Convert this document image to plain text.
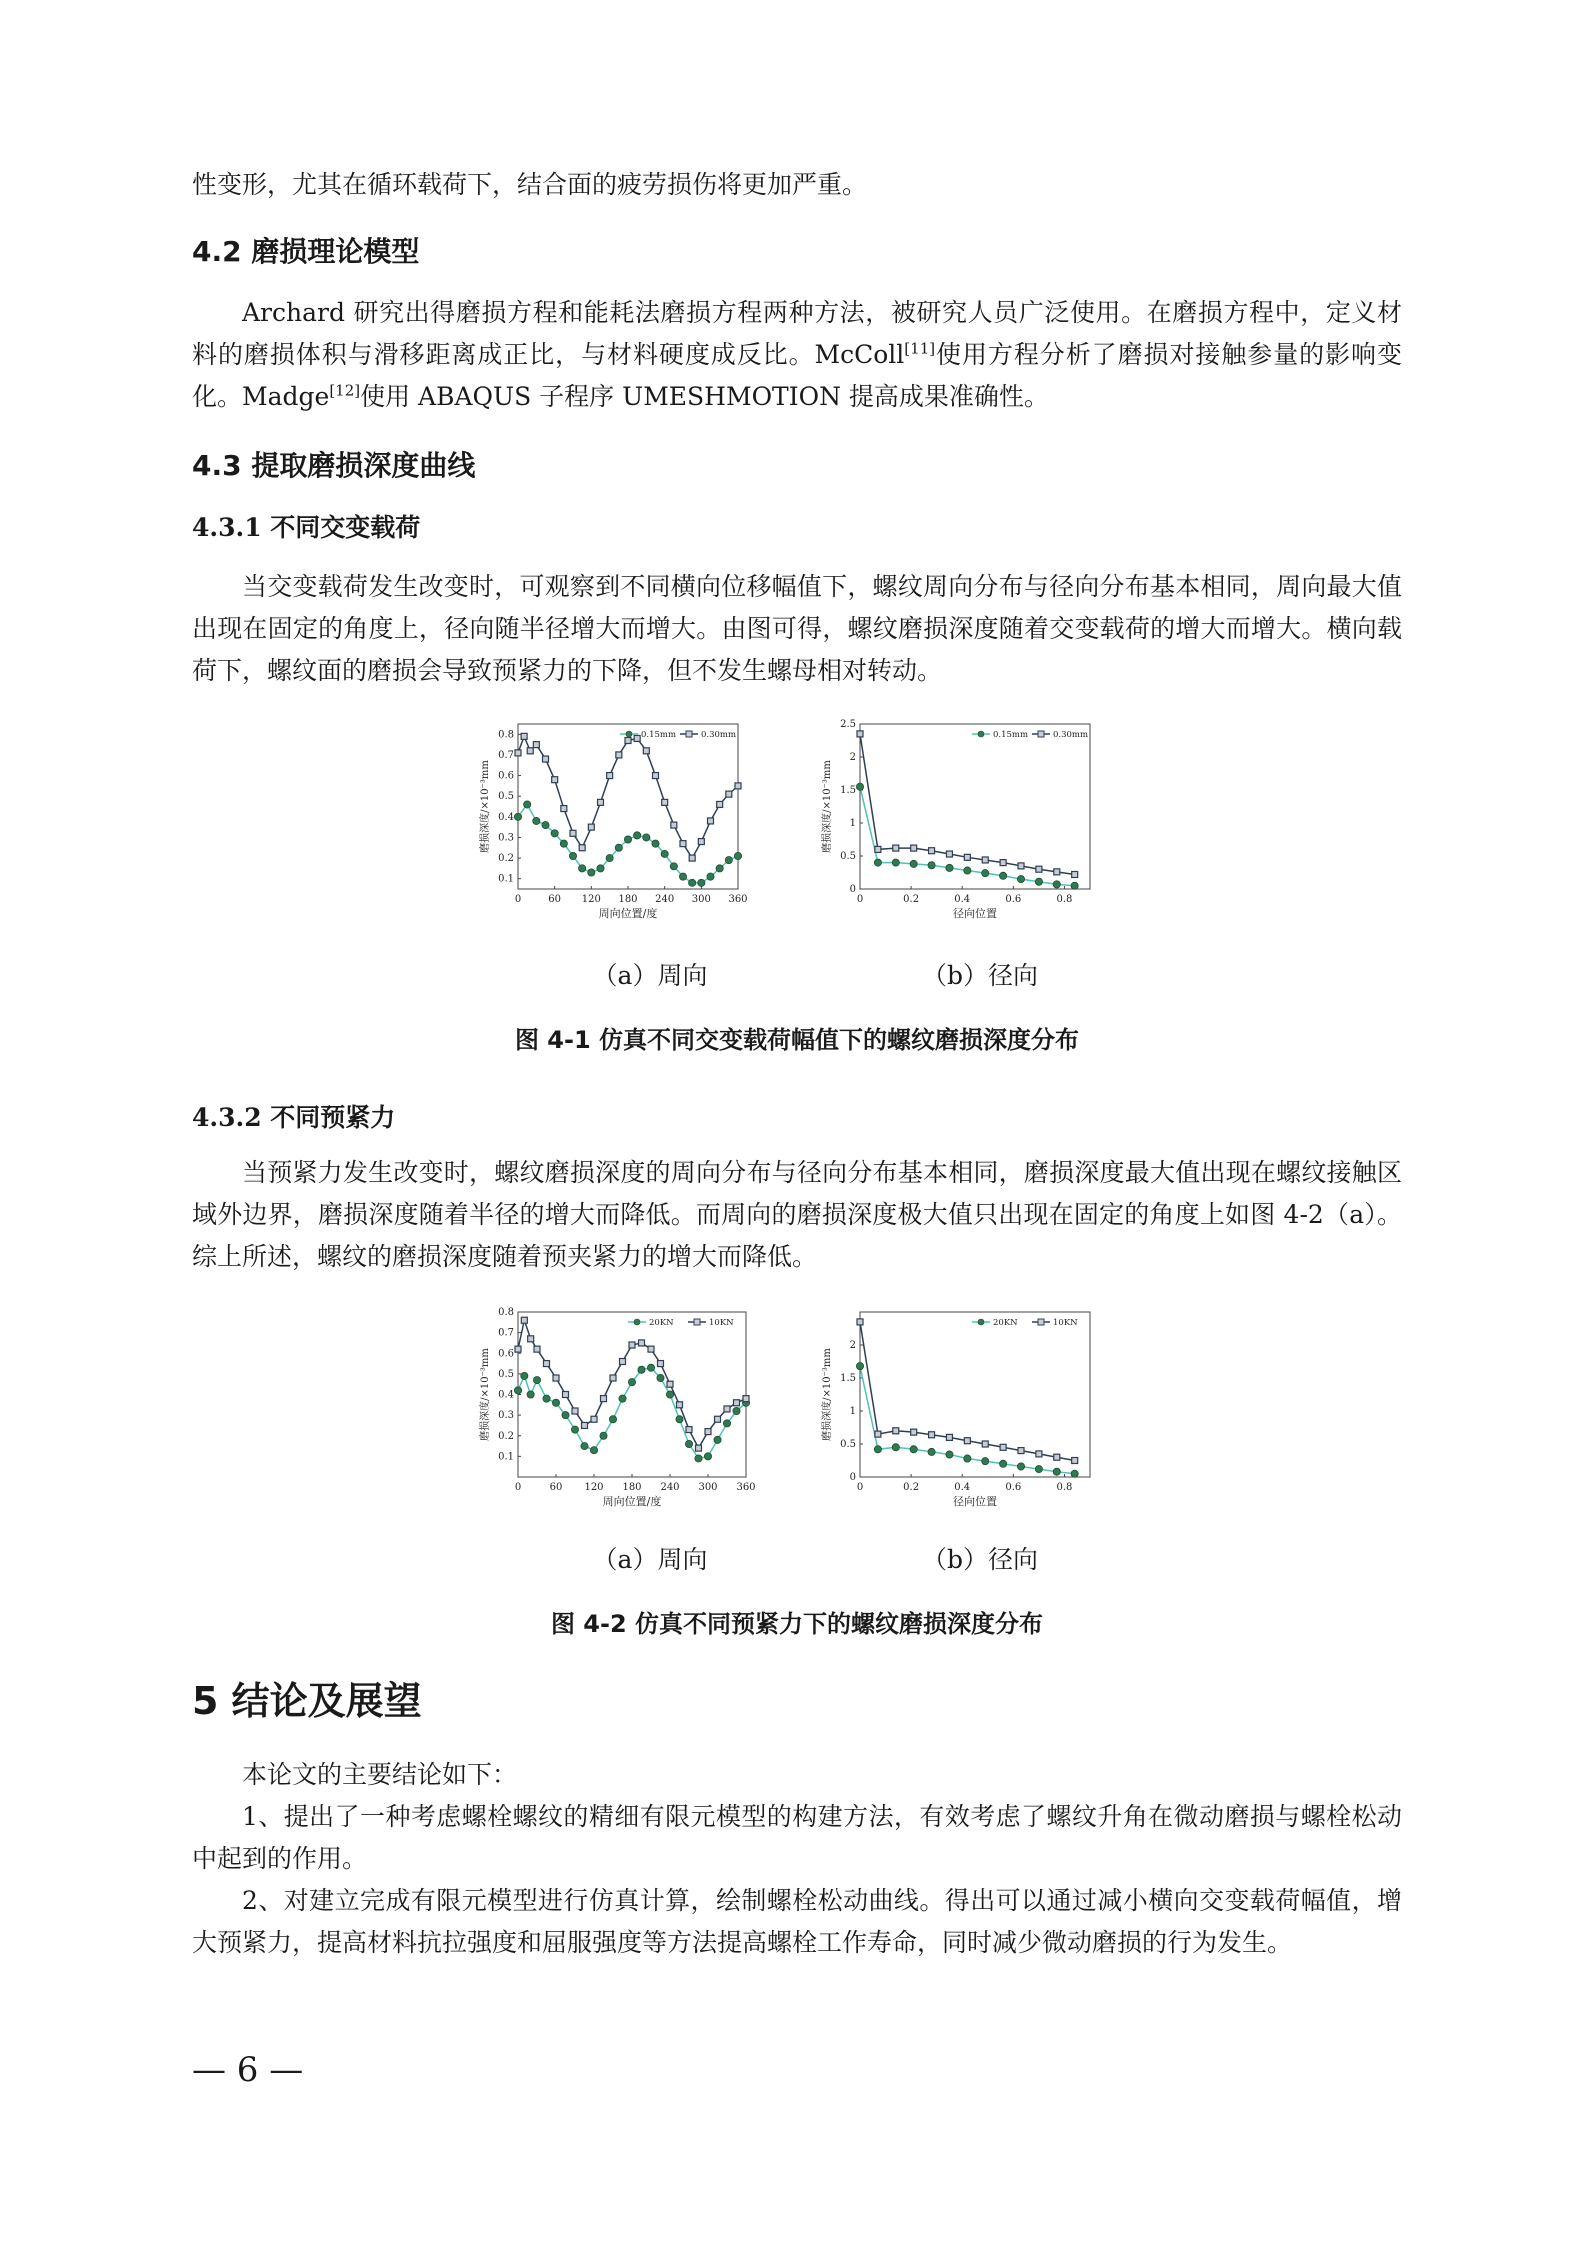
性变形，尤其在循环载荷下，结合面的疲劳损伤将更加严重。

4.2 磨损理论模型

Archard 研究出得磨损方程和能耗法磨损方程两种方法，被研究人员广泛使用。在磨损方程中，定义材料的磨损体积与滑移距离成正比，与材料硬度成反比。McColl[11]使用方程分析了磨损对接触参量的影响变化。Madge[12]使用 ABAQUS 子程序 UMESHMOTION 提高成果准确性。

4.3 提取磨损深度曲线
4.3.1 不同交变载荷

当交变载荷发生改变时，可观察到不同横向位移幅值下，螺纹周向分布与径向分布基本相同，周向最大值出现在固定的角度上，径向随半径增大而增大。由图可得，螺纹磨损深度随着交变载荷的增大而增大。横向载荷下，螺纹面的磨损会导致预紧力的下降，但不发生螺母相对转动。

0	60 120 180 240 300 360
0.1
0.2
0.3
0.4
0.5
0.6
0.7
0.8
周向位置/度
磨损深度/×10⁻³mm
0.15mm	0.30mm
0	0.2	0.4	0.6	0.8
0
0.5
1
1.5
2
2.5
径向位置
磨损深度/×10⁻³mm
0.15mm	0.30mm

（a）周向	（b）径向

图 4-1 仿真不同交变载荷幅值下的螺纹磨损深度分布

4.3.2 不同预紧力

当预紧力发生改变时，螺纹磨损深度的周向分布与径向分布基本相同，磨损深度最大值出现在螺纹接触区域外边界，磨损深度随着半径的增大而降低。而周向的磨损深度极大值只出现在固定的角度上如图 4-2（a）。综上所述，螺纹的磨损深度随着预夹紧力的增大而降低。

0	60 120 180 240 300 360
0.1
0.2
0.3
0.4
0.5
0.6
0.7
0.8
周向位置/度
磨损深度/×10⁻³mm
20KN	10KN
0	0.2	0.4	0.6	0.8
0
0.5
1
1.5
2
径向位置
磨损深度/×10⁻³mm
20KN	10KN

（a）周向	（b）径向

图 4-2 仿真不同预紧力下的螺纹磨损深度分布

5 结论及展望

本论文的主要结论如下：

1、提出了一种考虑螺栓螺纹的精细有限元模型的构建方法，有效考虑了螺纹升角在微动磨损与螺栓松动中起到的作用。

2、对建立完成有限元模型进行仿真计算，绘制螺栓松动曲线。得出可以通过减小横向交变载荷幅值，增大预紧力，提高材料抗拉强度和屈服强度等方法提高螺栓工作寿命，同时减少微动磨损的行为发生。

— 6 —
